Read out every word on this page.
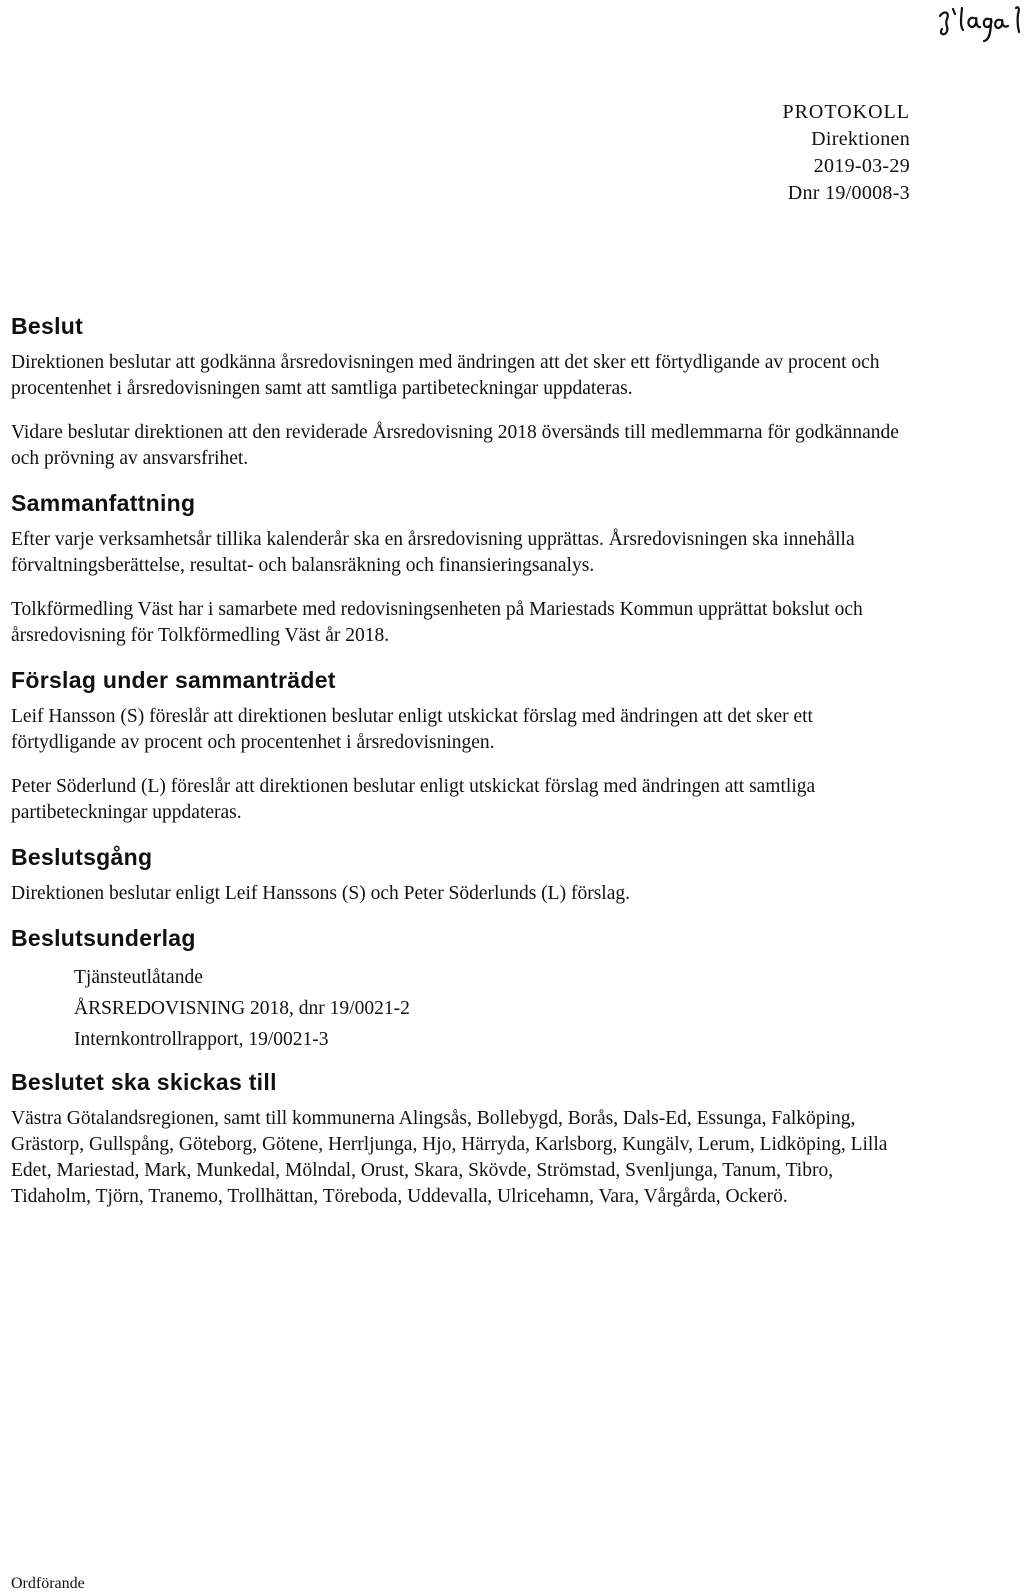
PROTOKOLL
Direktionen
2019-03-29
Dnr 19/0008-3
Beslut

Direktionen beslutar att godkänna årsredovisningen med ändringen att det sker ett förtydligande av procent och procentenhet i årsredovisningen samt att samtliga partibeteckningar uppdateras.

Vidare beslutar direktionen att den reviderade Årsredovisning 2018 översänds till medlemmarna för godkännande och prövning av ansvarsfrihet.

Sammanfattning

Efter varje verksamhetsår tillika kalenderår ska en årsredovisning upprättas. Årsredovisningen ska innehålla förvaltningsberättelse, resultat- och balansräkning och finansieringsanalys.

Tolkförmedling Väst har i samarbete med redovisningsenheten på Mariestads Kommun upprättat bokslut och årsredovisning för Tolkförmedling Väst år 2018.

Förslag under sammanträdet

Leif Hansson (S) föreslår att direktionen beslutar enligt utskickat förslag med ändringen att det sker ett förtydligande av procent och procentenhet i årsredovisningen.

Peter Söderlund (L) föreslår att direktionen beslutar enligt utskickat förslag med ändringen att samtliga partibeteckningar uppdateras.

Beslutsgång

Direktionen beslutar enligt Leif Hanssons (S) och Peter Söderlunds (L) förslag.

Beslutsunderlag
Tjänsteutlåtande
ÅRSREDOVISNING 2018, dnr 19/0021-2
Internkontrollrapport, 19/0021-3
Beslutet ska skickas till

Västra Götalandsregionen, samt till kommunerna Alingsås, Bollebygd, Borås, Dals-Ed, Essunga, Falköping, Grästorp, Gullspång, Göteborg, Götene, Herrljunga, Hjo, Härryda, Karlsborg, Kungälv, Lerum, Lidköping, Lilla Edet, Mariestad, Mark, Munkedal, Mölndal, Orust, Skara, Skövde, Strömstad, Svenljunga, Tanum, Tibro, Tidaholm, Tjörn, Tranemo, Trollhättan, Töreboda, Uddevalla, Ulricehamn, Vara, Vårgårda, Ockerö.

Ordförande
